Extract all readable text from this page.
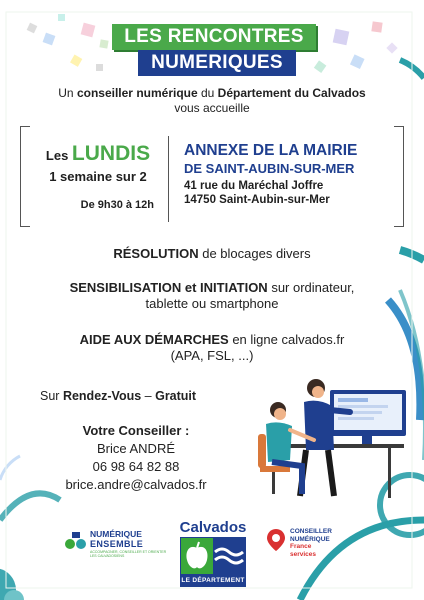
LES RENCONTRES
NUMERIQUES
Un conseiller numérique du Département du Calvados
vous accueille
Les LUNDIS
1 semaine sur 2
De 9h30 à 12h
ANNEXE DE LA MAIRIE
DE SAINT-AUBIN-SUR-MER
41 rue du Maréchal Joffre
14750 Saint-Aubin-sur-Mer
RÉSOLUTION de blocages divers
SENSIBILISATION et INITIATION sur ordinateur,
tablette ou smartphone
AIDE AUX DÉMARCHES en ligne calvados.fr
(APA, FSL, ...)
Sur Rendez-Vous – Gratuit
Votre Conseiller :
Brice ANDRÉ
06 98 64 82 88
brice.andre@calvados.fr
NUMÉRIQUE
ENSEMBLE
ACCOMPAGNER, CONSEILLER ET ORIENTER LES CALVADOSIENS
Calvados
LE DÉPARTEMENT
CONSEILLER
NUMÉRIQUE
France
services
